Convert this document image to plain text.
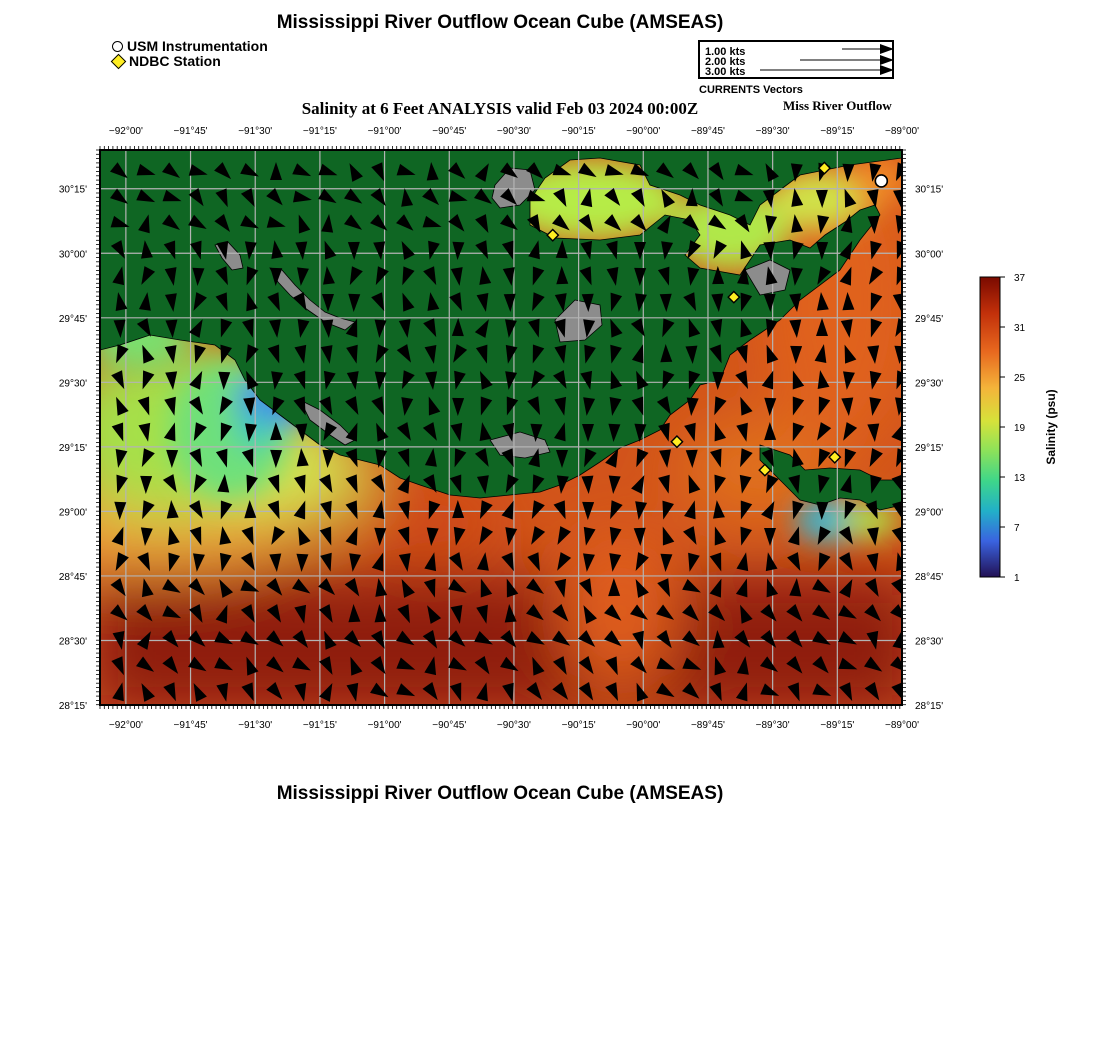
Mississippi River Outflow Ocean Cube (AMSEAS)
USM Instrumentation
NDBC Station
1.00 kts
2.00 kts
3.00 kts
CURRENTS Vectors
Salinity at 6 Feet ANALYSIS valid Feb 03 2024 00:00Z	Miss River Outflow
−92°00'
−92°00'
−91°45'
−91°45'
−91°30'
−91°30'
−91°15'
−91°15'
−91°00'
−91°00'
−90°45'
−90°45'
−90°30'
−90°30'
−90°15'
−90°15'
−90°00'
−90°00'
−89°45'
−89°45'
−89°30'
−89°30'
−89°15'
−89°15'
−89°00'
−89°00'
30°15'	30°15'
30°00'	30°00'
29°45'	29°45'
29°30'	29°30'
29°15'	29°15'
29°00'	29°00'
28°45'	28°45'
28°30'	28°30'
28°15'	28°15'
37
31
25
19
13
7
1
Salinity (psu)
Mississippi River Outflow Ocean Cube (AMSEAS)
